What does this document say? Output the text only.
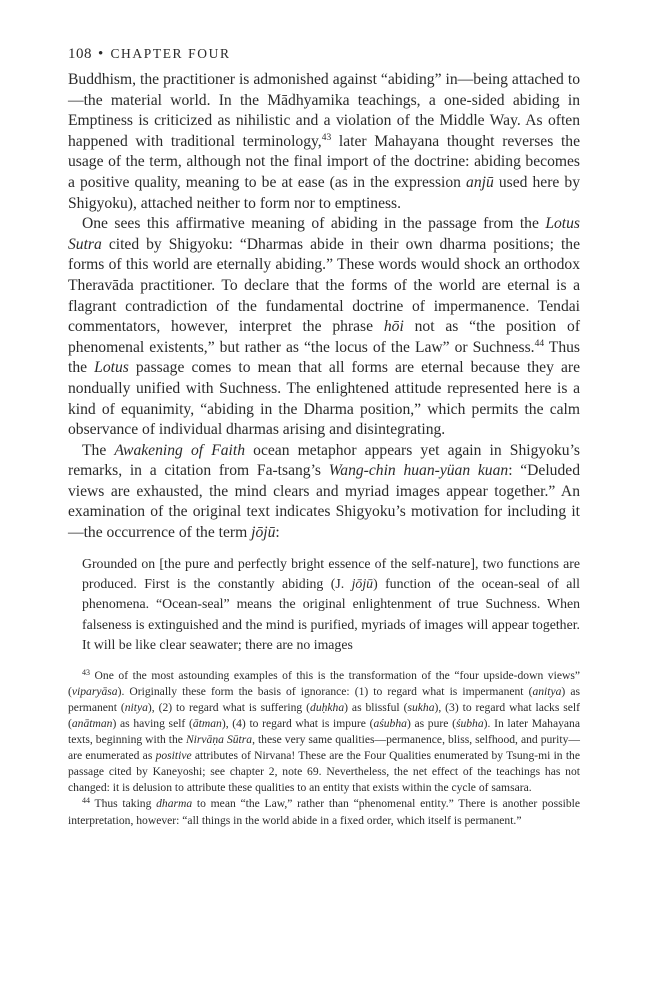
108 • CHAPTER FOUR

Buddhism, the practitioner is admonished against “abiding” in—being attached to—the material world. In the Mādhyamika teachings, a one-sided abiding in Emptiness is criticized as nihilistic and a violation of the Middle Way. As often happened with traditional terminology,$^{43}$ later Mahayana thought reverses the usage of the term, although not the final import of the doctrine: abiding becomes a positive quality, meaning to be at ease (as in the expression anjū used here by Shigyoku), attached neither to form nor to emptiness.

One sees this affirmative meaning of abiding in the passage from the Lotus Sutra cited by Shigyoku: “Dharmas abide in their own dharma positions; the forms of this world are eternally abiding.” These words would shock an orthodox Theravāda practitioner. To declare that the forms of the world are eternal is a flagrant contradiction of the fundamental doctrine of impermanence. Tendai commentators, however, interpret the phrase hōi not as “the position of phenomenal existents,” but rather as “the locus of the Law” or Suchness.$^{44}$ Thus the Lotus passage comes to mean that all forms are eternal because they are nondually unified with Suchness. The enlightened attitude represented here is a kind of equanimity, “abiding in the Dharma position,” which permits the calm observance of individual dharmas arising and disintegrating.

The Awakening of Faith ocean metaphor appears yet again in Shigyoku’s remarks, in a citation from Fa-tsang’s Wang-chin huan-yüan kuan: “Deluded views are exhausted, the mind clears and myriad images appear together.” An examination of the original text indicates Shigyoku’s motivation for including it—the occurrence of the term jōjū:

Grounded on [the pure and perfectly bright essence of the self-nature], two functions are produced. First is the constantly abiding (J. jōjū) function of the ocean-seal of all phenomena. “Ocean-seal” means the original enlightenment of true Suchness. When falseness is extinguished and the mind is purified, myriads of images will appear together. It will be like clear seawater; there are no images

$^{43}$ One of the most astounding examples of this is the transformation of the “four upside-down views” (viparyāsa). Originally these form the basis of ignorance: (1) to regard what is impermanent (anitya) as permanent (nitya), (2) to regard what is suffering (duḥkha) as blissful (sukha), (3) to regard what lacks self (anātman) as having self (ātman), (4) to regard what is impure (aśubha) as pure (śubha). In later Mahayana texts, beginning with the Nirvāṇa Sūtra, these very same qualities—permanence, bliss, selfhood, and purity—are enumerated as positive attributes of Nirvana! These are the Four Qualities enumerated by Tsung-mi in the passage cited by Kaneyoshi; see chapter 2, note 69. Nevertheless, the net effect of the teachings has not changed: it is delusion to attribute these qualities to an entity that exists within the cycle of samsara.

$^{44}$ Thus taking dharma to mean “the Law,” rather than “phenomenal entity.” There is another possible interpretation, however: “all things in the world abide in a fixed order, which itself is permanent.”
